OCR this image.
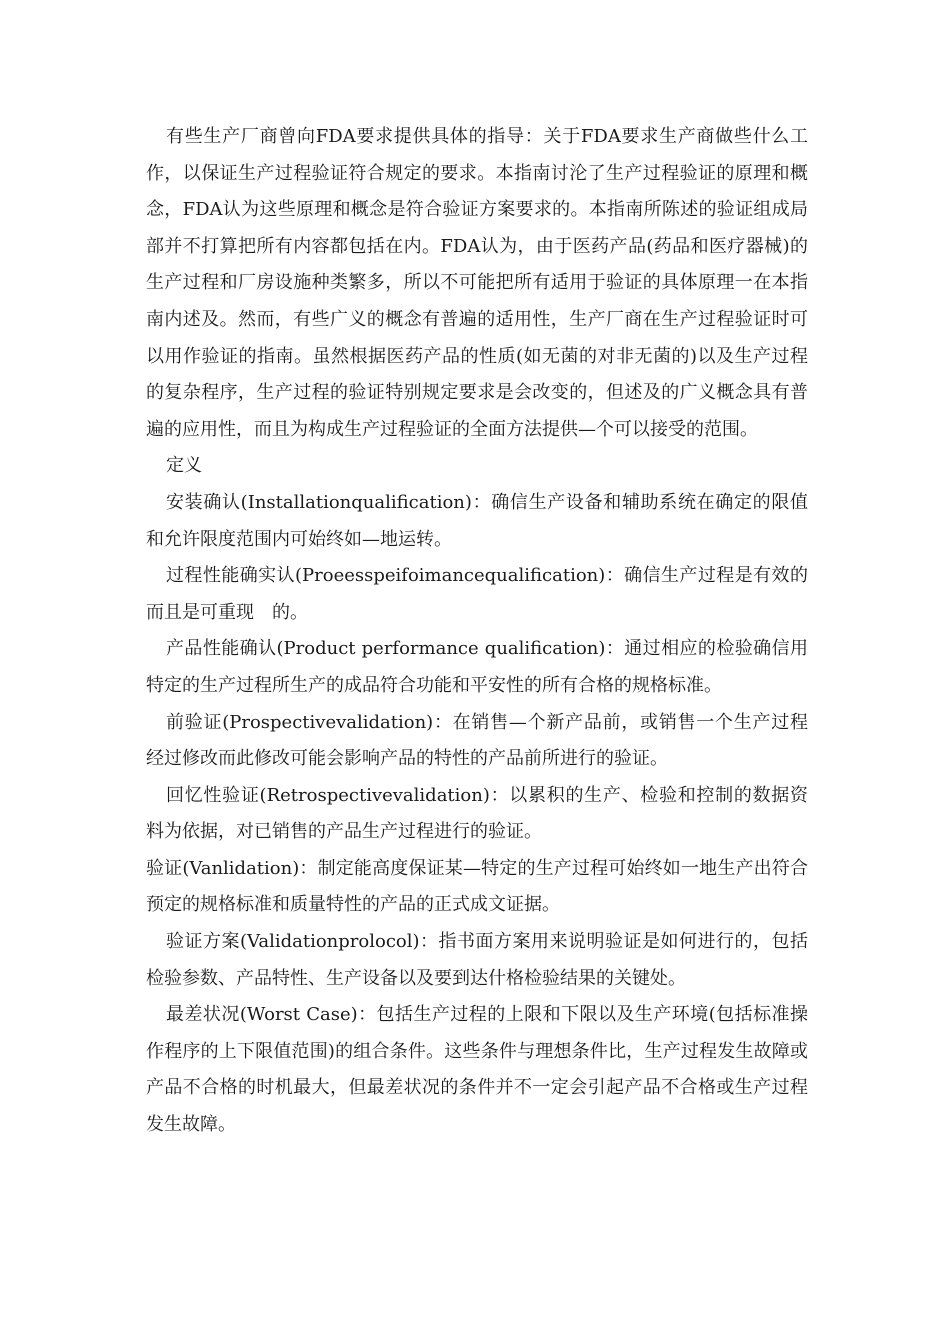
有些生产厂商曾向FDA要求提供具体的指导：关于FDA要求生产商做些什么工作，以保证生产过程验证符合规定的要求。本指南讨沦了生产过程验证的原理和概念，FDA认为这些原理和概念是符合验证方案要求的。本指南所陈述的验证组成局部并不打算把所有内容都包括在内。FDA认为，由于医药产品(药品和医疗器械)的生产过程和厂房设施种类繁多，所以不可能把所有适用于验证的具体原理一在本指南内述及。然而，有些广义的概念有普遍的适用性，生产厂商在生产过程验证时可以用作验证的指南。虽然根据医药产品的性质(如无菌的对非无菌的)以及生产过程的复杂程序，生产过程的验证特别规定要求是会改变的，但述及的广义概念具有普遍的应用性，而且为构成生产过程验证的全面方法提供—个可以接受的范围。

定义

安装确认(Installationqualification)：确信生产设备和辅助系统在确定的限值和允许限度范围内可始终如—地运转。

过程性能确实认(Proeesspeifoimancequalification)：确信生产过程是有效的而且是可重现　的。

产品性能确认(Product performance qualification)：通过相应的检验确信用特定的生产过程所生产的成品符合功能和平安性的所有合格的规格标准。

前验证(Prospectivevalidation)：在销售—个新产品前，或销售一个生产过程经过修改而此修改可能会影响产品的特性的产品前所进行的验证。

回忆性验证(Retrospectivevalidation)：以累积的生产、检验和控制的数据资料为依据，对已销售的产品生产过程进行的验证。

验证(Vanlidation)：制定能高度保证某—特定的生产过程可始终如一地生产出符合预定的规格标准和质量特性的产品的正式成文证据。

验证方案(Validationprolocol)：指书面方案用来说明验证是如何进行的，包括检验参数、产品特性、生产设备以及要到达什格检验结果的关键处。

最差状况(Worst Case)：包括生产过程的上限和下限以及生产环境(包括标准操作程序的上下限值范围)的组合条件。这些条件与理想条件比，生产过程发生故障或产品不合格的时机最大，但最差状况的条件并不一定会引起产品不合格或生产过程发生故障。
